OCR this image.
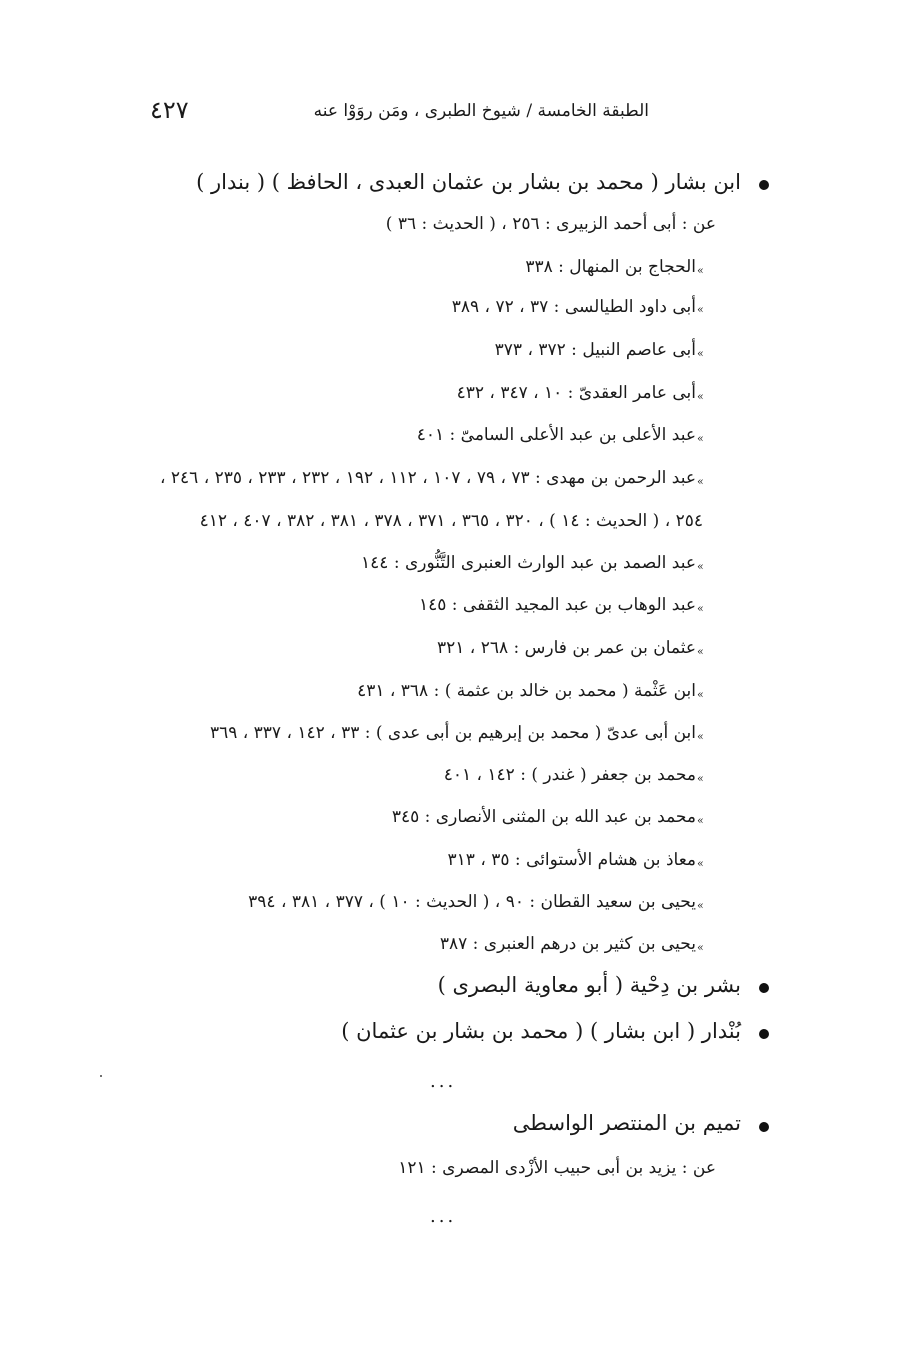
الطبقة الخامسة / شيوخ الطبرى ، ومَن روَوْا عنه
٤٢٧
ابن بشار ( محمد بن بشار بن عثمان العبدى ، الحافظ ) ( بندار )
عن : أبى أحمد الزبيرى : ٢٥٦ ، ( الحديث : ٣٦ )
«
الحجاج بن المنهال : ٣٣٨
«
أبى داود الطيالسى : ٣٧ ، ٧٢ ، ٣٨٩
«
أبى عاصم النبيل : ٣٧٢ ، ٣٧٣
«
أبى عامر العقدىّ : ١٠ ، ٣٤٧ ، ٤٣٢
«
عبد الأعلى بن عبد الأعلى السامىّ : ٤٠١
«
عبد الرحمن بن مهدى : ٧٣ ، ٧٩ ، ١٠٧ ، ١١٢ ، ١٩٢ ، ٢٣٢ ، ٢٣٣ ، ٢٣٥ ، ٢٤٦ ،
٢٥٤ ، ( الحديث : ١٤ ) ، ٣٢٠ ، ٣٦٥ ، ٣٧١ ، ٣٧٨ ، ٣٨١ ، ٣٨٢ ، ٤٠٧ ، ٤١٢
«
عبد الصمد بن عبد الوارث العنبرى التَّنُّورى : ١٤٤
«
عبد الوهاب بن عبد المجيد الثقفى : ١٤٥
«
عثمان بن عمر بن فارس : ٢٦٨ ، ٣٢١
«
ابن عَثْمة ( محمد بن خالد بن عثمة ) : ٣٦٨ ، ٤٣١
«
ابن أبى عدىّ ( محمد بن إبرهيم بن أبى عدى ) : ٣٣ ، ١٤٢ ، ٣٣٧ ، ٣٦٩
«
محمد بن جعفر ( غندر ) : ١٤٢ ، ٤٠١
«
محمد بن عبد الله بن المثنى الأنصارى : ٣٤٥
«
معاذ بن هشام الأستوائى : ٣٥ ، ٣١٣
«
يحيى بن سعيد القطان : ٩٠ ، ( الحديث : ١٠ ) ، ٣٧٧ ، ٣٨١ ، ٣٩٤
«
يحيى بن كثير بن درهم العنبرى : ٣٨٧
بشر بن دِحْية ( أبو معاوية البصرى )
بُنْدار ( ابن بشار ) ( محمد بن بشار بن عثمان )
...
تميم بن المنتصر الواسطى
عن : يزيد بن أبى حبيب الأزْدى المصرى : ١٢١
...
